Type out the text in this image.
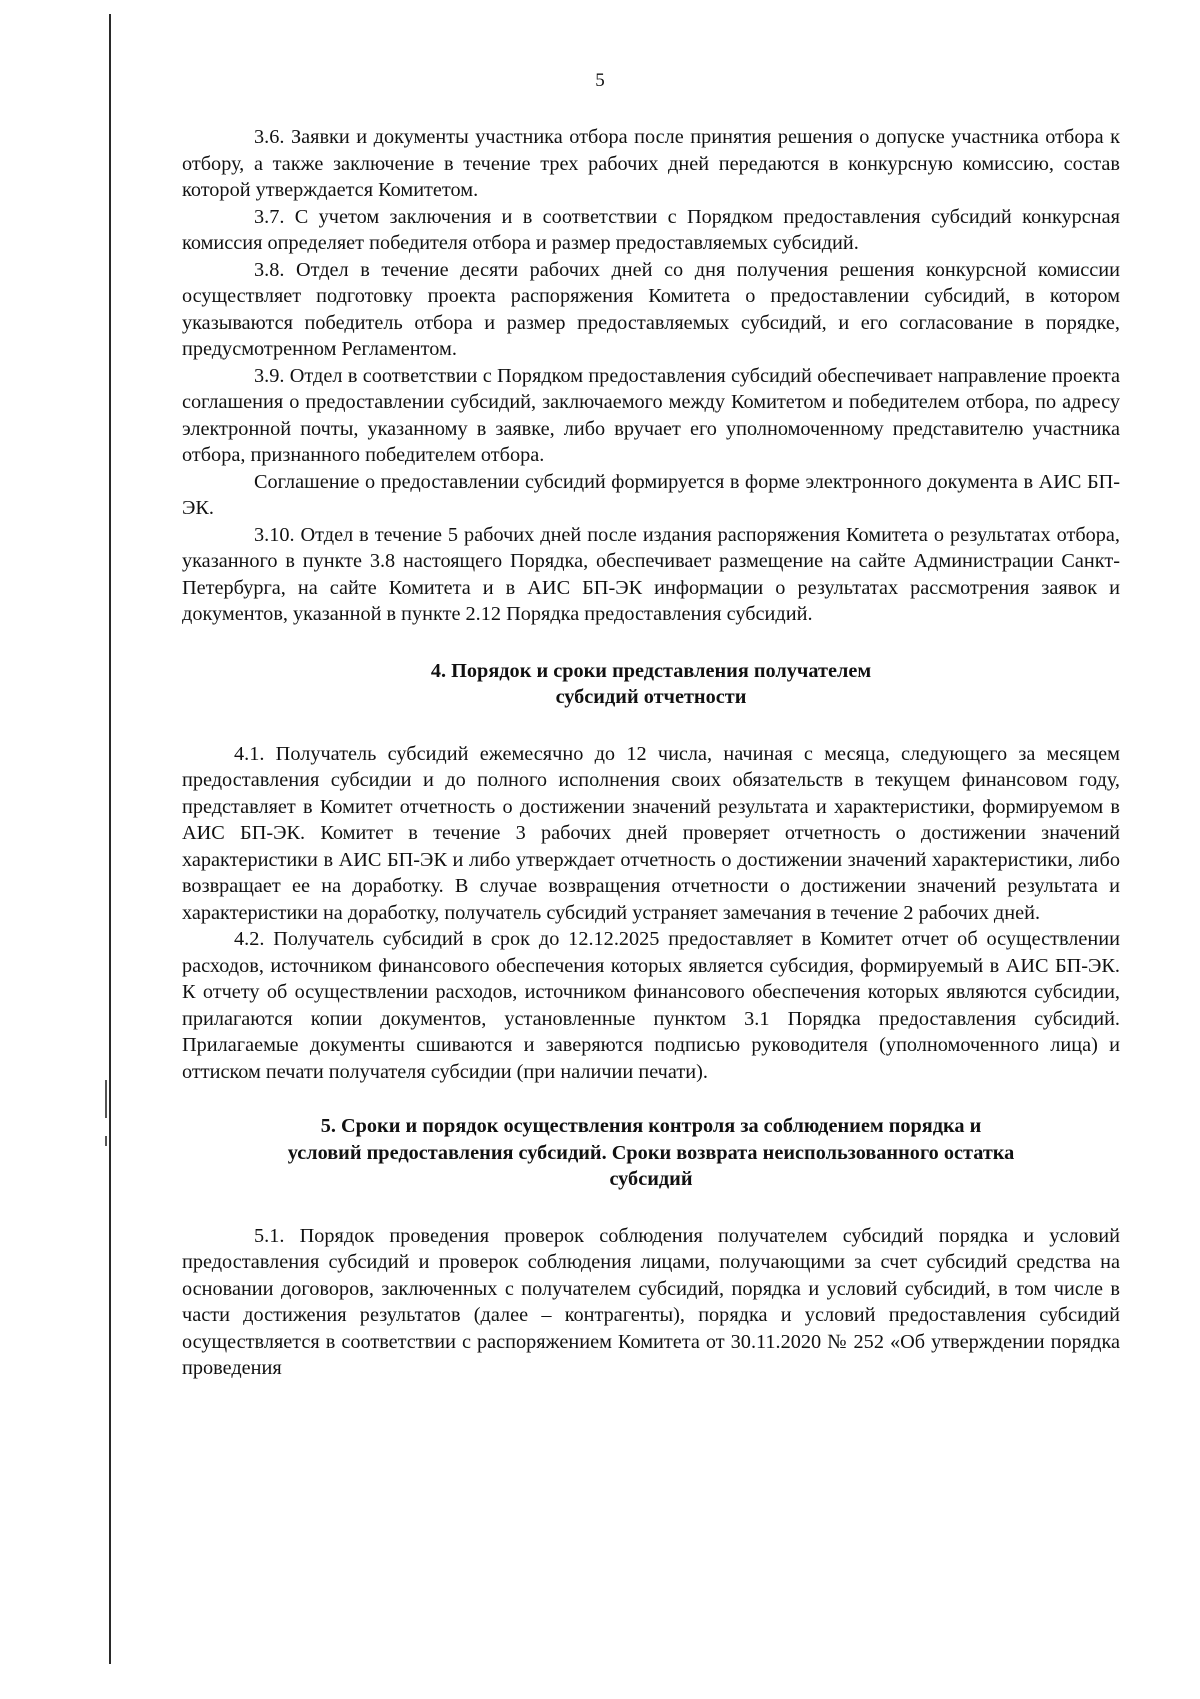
5

3.6. Заявки и документы участника отбора после принятия решения о допуске участника отбора к отбору, а также заключение в течение трех рабочих дней передаются в конкурсную комиссию, состав которой утверждается Комитетом.

3.7. С учетом заключения и в соответствии с Порядком предоставления субсидий конкурсная комиссия определяет победителя отбора и размер предоставляемых субсидий.

3.8. Отдел в течение десяти рабочих дней со дня получения решения конкурсной комиссии осуществляет подготовку проекта распоряжения Комитета о предоставлении субсидий, в котором указываются победитель отбора и размер предоставляемых субсидий, и его согласование в порядке, предусмотренном Регламентом.

3.9. Отдел в соответствии с Порядком предоставления субсидий обеспечивает направление проекта соглашения о предоставлении субсидий, заключаемого между Комитетом и победителем отбора, по адресу электронной почты, указанному в заявке, либо вручает его уполномоченному представителю участника отбора, признанного победителем отбора.

Соглашение о предоставлении субсидий формируется в форме электронного документа в АИС БП-ЭК.

3.10. Отдел в течение 5 рабочих дней после издания распоряжения Комитета о результатах отбора, указанного в пункте 3.8 настоящего Порядка, обеспечивает размещение на сайте Администрации Санкт-Петербурга, на сайте Комитета и в АИС БП-ЭК информации о результатах рассмотрения заявок и документов, указанной в пункте 2.12 Порядка предоставления субсидий.

4. Порядок и сроки представления получателем
субсидий отчетности

4.1. Получатель субсидий ежемесячно до 12 числа, начиная с месяца, следующего за месяцем предоставления субсидии и до полного исполнения своих обязательств в текущем финансовом году, представляет в Комитет отчетность о достижении значений результата и характеристики, формируемом в АИС БП-ЭК. Комитет в течение 3 рабочих дней проверяет отчетность о достижении значений характеристики в АИС БП-ЭК и либо утверждает отчетность о достижении значений характеристики, либо возвращает ее на доработку. В случае возвращения отчетности о достижении значений результата и характеристики на доработку, получатель субсидий устраняет замечания в течение 2 рабочих дней.

4.2. Получатель субсидий в срок до 12.12.2025 предоставляет в Комитет отчет об осуществлении расходов, источником финансового обеспечения которых является субсидия, формируемый в АИС БП-ЭК. К отчету об осуществлении расходов, источником финансового обеспечения которых являются субсидии, прилагаются копии документов, установленные пунктом 3.1 Порядка предоставления субсидий. Прилагаемые документы сшиваются и заверяются подписью руководителя (уполномоченного лица) и оттиском печати получателя субсидии (при наличии печати).

5. Сроки и порядок осуществления контроля за соблюдением порядка и
условий предоставления субсидий. Сроки возврата неиспользованного остатка
субсидий

5.1. Порядок проведения проверок соблюдения получателем субсидий порядка и условий предоставления субсидий и проверок соблюдения лицами, получающими за счет субсидий средства на основании договоров, заключенных с получателем субсидий, порядка и условий субсидий, в том числе в части достижения результатов (далее – контрагенты), порядка и условий предоставления субсидий осуществляется в соответствии с распоряжением Комитета от 30.11.2020 № 252 «Об утверждении порядка проведения
